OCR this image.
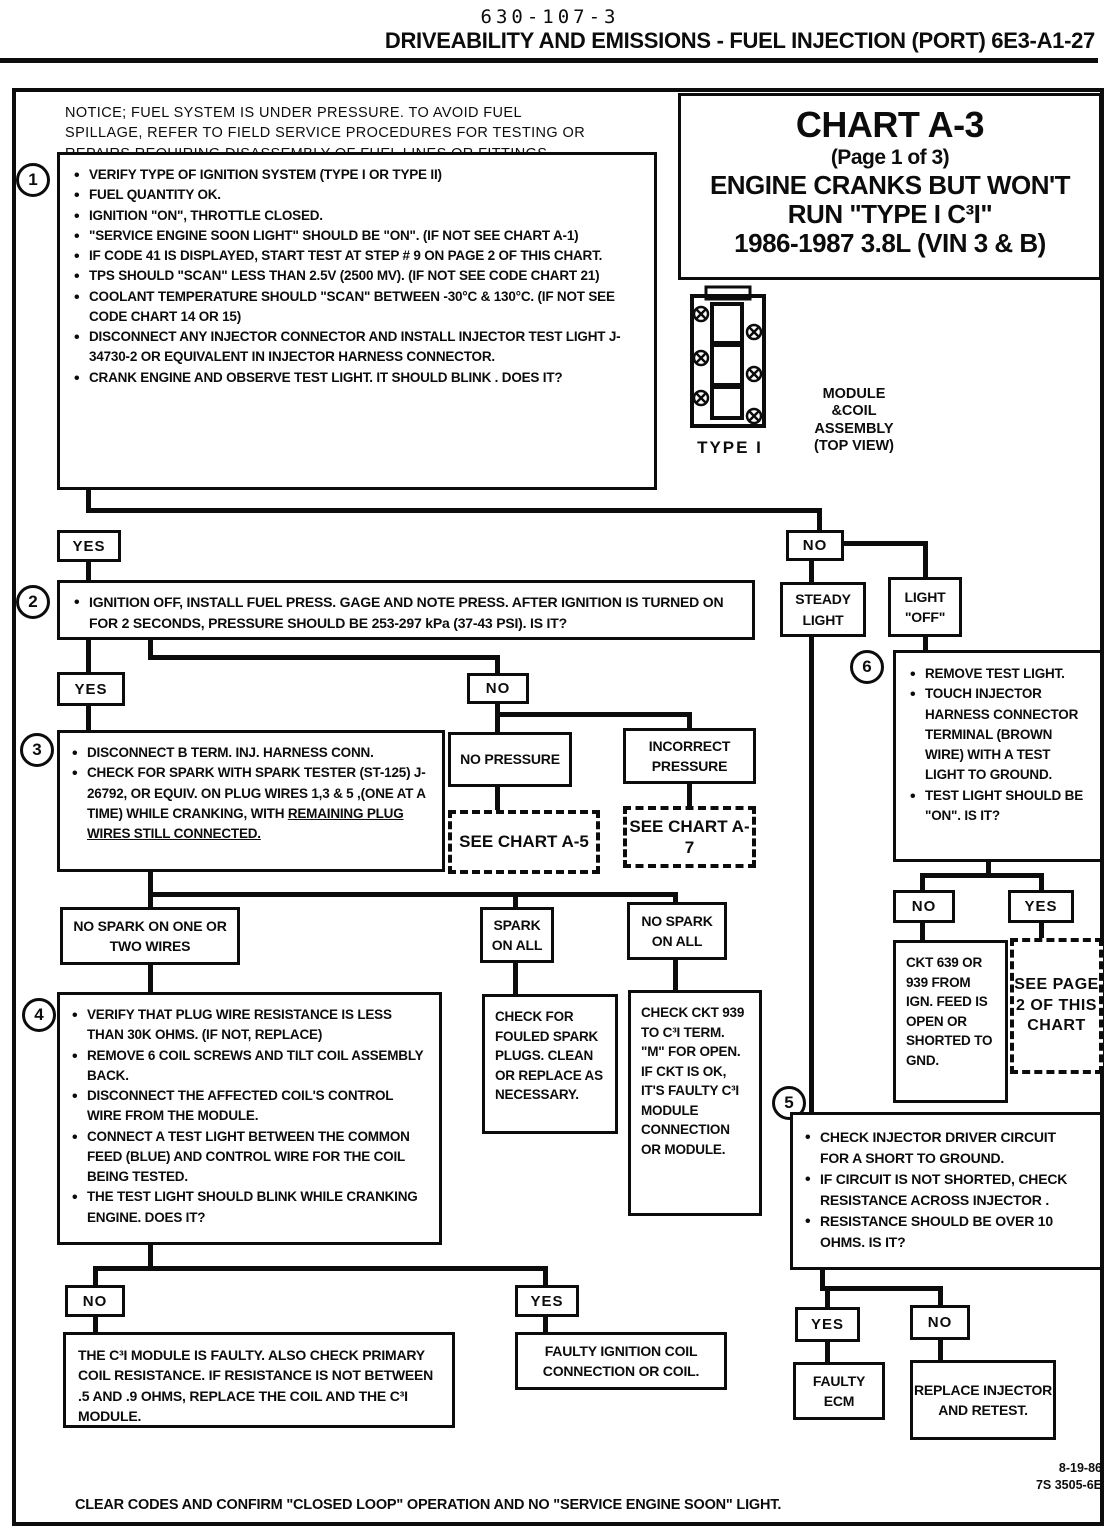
630-107-3
DRIVEABILITY AND EMISSIONS - FUEL INJECTION (PORT) 6E3-A1-27
NOTICE; FUEL SYSTEM IS UNDER PRESSURE. TO AVOID FUEL
SPILLAGE, REFER TO FIELD SERVICE PROCEDURES FOR TESTING OR	CHART A-3
(Page 1 of 3)
ENGINE CRANKS BUT WON'T
RUN "TYPE I C³I"
1986-1987 3.8L (VIN 3 & B)
TYPE I
MODULE
&COIL
ASSEMBLY
(TOP VIEW)
1	• VERIFY TYPE OF IGNITION SYSTEM (TYPE I OR TYPE II)
• FUEL QUANTITY OK.
• IGNITION "ON", THROTTLE CLOSED.
• "SERVICE ENGINE SOON LIGHT" SHOULD BE "ON". (IF NOT SEE CHART A-1)
• IF CODE 41 IS DISPLAYED, START TEST AT STEP # 9 ON PAGE 2 OF THIS CHART.
• TPS SHOULD "SCAN" LESS THAN 2.5V (2500 MV). (IF NOT SEE CODE CHART 21)
• COOLANT TEMPERATURE SHOULD "SCAN" BETWEEN -30°C & 130°C. (IF NOT SEE CODE CHART 14 OR 15)
• DISCONNECT ANY INJECTOR CONNECTOR AND INSTALL INJECTOR TEST LIGHT J-34730-2 OR EQUIVALENT IN INJECTOR HARNESS CONNECTOR.
• CRANK ENGINE AND OBSERVE TEST LIGHT. IT SHOULD BLINK . DOES IT?
YES	NO
2	• IGNITION OFF, INSTALL FUEL PRESS. GAGE AND NOTE PRESS. AFTER IGNITION IS TURNED ON FOR 2 SECONDS, PRESSURE SHOULD BE 253-297 kPa (37-43 PSI). IS IT?
STEADY LIGHT
LIGHT "OFF"
YES	NO
3	• DISCONNECT B TERM. INJ. HARNESS CONN.
• CHECK FOR SPARK WITH SPARK TESTER (ST-125) J-26792, OR EQUIV. ON PLUG WIRES 1,3 & 5 ,(ONE AT A TIME) WHILE CRANKING, WITH REMAINING PLUG WIRES STILL CONNECTED.
NO PRESSURE
INCORRECT PRESSURE
SEE CHART A-5
SEE CHART A-7
6	• REMOVE TEST LIGHT.
• TOUCH INJECTOR HARNESS CONNECTOR TERMINAL (BROWN WIRE) WITH A TEST LIGHT TO GROUND.
• TEST LIGHT SHOULD BE "ON". IS IT?
NO SPARK ON ONE OR TWO WIRES
SPARK ON ALL
NO SPARK ON ALL
NO	YES
4	• VERIFY THAT PLUG WIRE RESISTANCE IS LESS THAN 30K OHMS. (IF NOT, REPLACE)
• REMOVE 6 COIL SCREWS AND TILT COIL ASSEMBLY BACK.
• DISCONNECT THE AFFECTED COIL'S CONTROL WIRE FROM THE MODULE.
• CONNECT A TEST LIGHT BETWEEN THE COMMON FEED (BLUE) AND CONTROL WIRE FOR THE COIL BEING TESTED.
• THE TEST LIGHT SHOULD BLINK WHILE CRANKING ENGINE. DOES IT?
CHECK FOR FOULED SPARK PLUGS. CLEAN OR REPLACE AS NECESSARY.
CHECK CKT 939 TO C³I TERM. "M" FOR OPEN. IF CKT IS OK, IT'S FAULTY C³I MODULE CONNECTION OR MODULE.
CKT 639 OR 939 FROM IGN. FEED IS OPEN OR SHORTED TO GND.
SEE PAGE 2 OF THIS CHART
5
• CHECK INJECTOR DRIVER CIRCUIT FOR A SHORT TO GROUND.
• IF CIRCUIT IS NOT SHORTED, CHECK RESISTANCE ACROSS INJECTOR .
• RESISTANCE SHOULD BE OVER 10 OHMS. IS IT?
NO	YES
THE C³I MODULE IS FAULTY. ALSO CHECK PRIMARY COIL RESISTANCE. IF RESISTANCE IS NOT BETWEEN .5 AND .9 OHMS, REPLACE THE COIL AND THE C³I MODULE.
FAULTY IGNITION COIL CONNECTION OR COIL.
YES	NO
FAULTY ECM
REPLACE INJECTOR AND RETEST.
CLEAR CODES AND CONFIRM "CLOSED LOOP" OPERATION AND NO "SERVICE ENGINE SOON" LIGHT.
8-19-86
7S 3505-6E
